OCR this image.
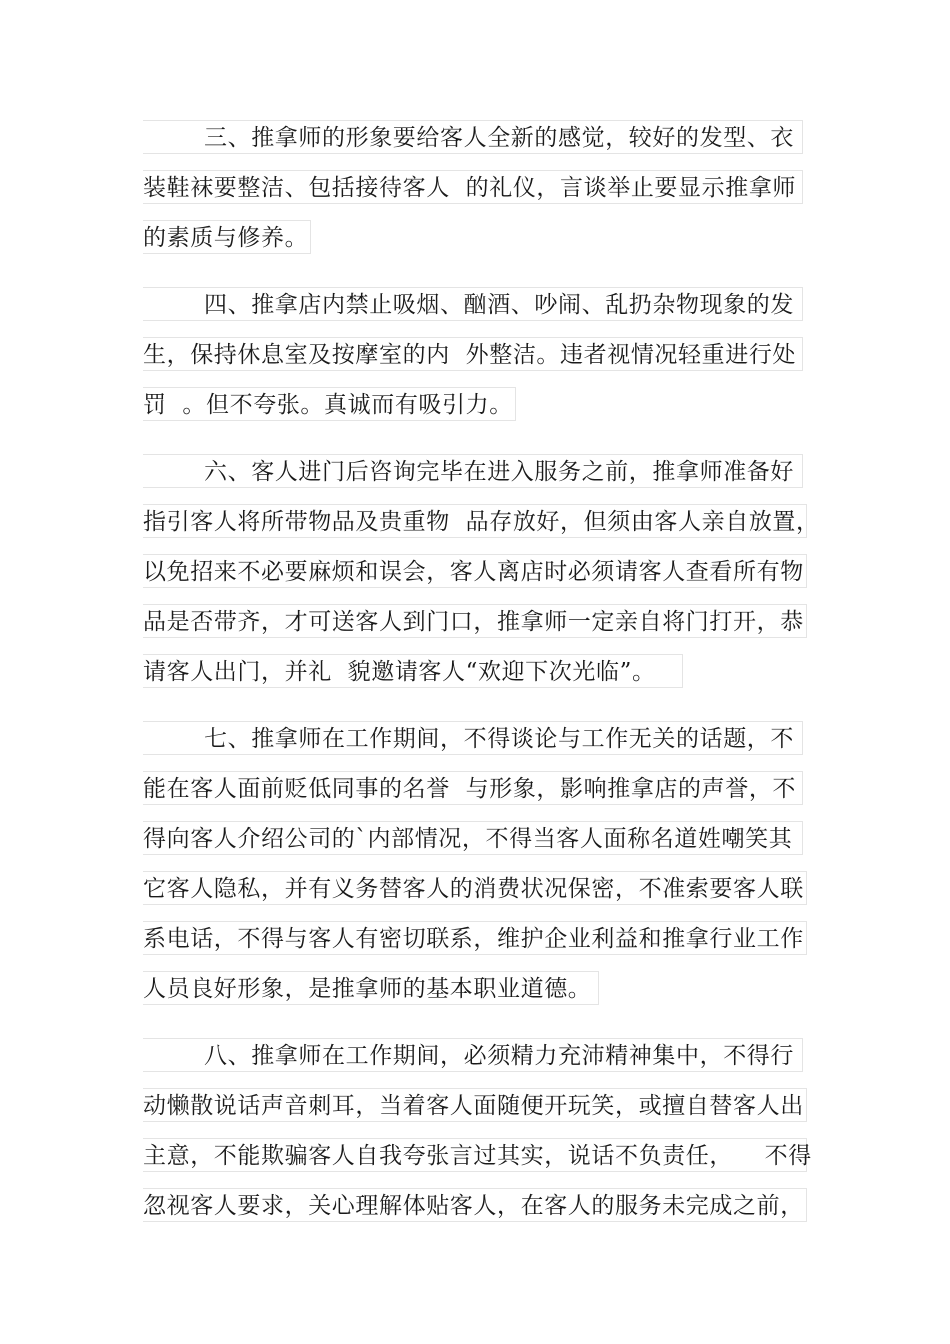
三、推拿师的形象要给客人全新的感觉，较好的发型、衣
装鞋袜要整洁、包括接待客人  的礼仪，言谈举止要显示推拿师
的素质与修养。
四、推拿店内禁止吸烟、酗酒、吵闹、乱扔杂物现象的发
生，保持休息室及按摩室的内  外整洁。违者视情况轻重进行处
罚  。但不夸张。真诚而有吸引力。
六、客人进门后咨询完毕在进入服务之前，推拿师准备好
指引客人将所带物品及贵重物  品存放好，但须由客人亲自放置，
以免招来不必要麻烦和误会，客人离店时必须请客人查看所有物
品是否带齐，才可送客人到门口，推拿师一定亲自将门打开，恭
请客人出门，并礼  貌邀请客人“欢迎下次光临”。
七、推拿师在工作期间，不得谈论与工作无关的话题，不
能在客人面前贬低同事的名誉  与形象，影响推拿店的声誉，不
得向客人介绍公司的`内部情况，不得当客人面称名道姓嘲笑其
它客人隐私，并有义务替客人的消费状况保密，不准索要客人联
系电话，不得与客人有密切联系，维护企业利益和推拿行业工作
人员良好形象，是推拿师的基本职业道德。
八、推拿师在工作期间，必须精力充沛精神集中，不得行
动懒散说话声音刺耳，当着客人面随便开玩笑，或擅自替客人出
主意，不能欺骗客人自我夸张言过其实，说话不负责任，    不得
忽视客人要求，关心理解体贴客人，在客人的服务未完成之前，
